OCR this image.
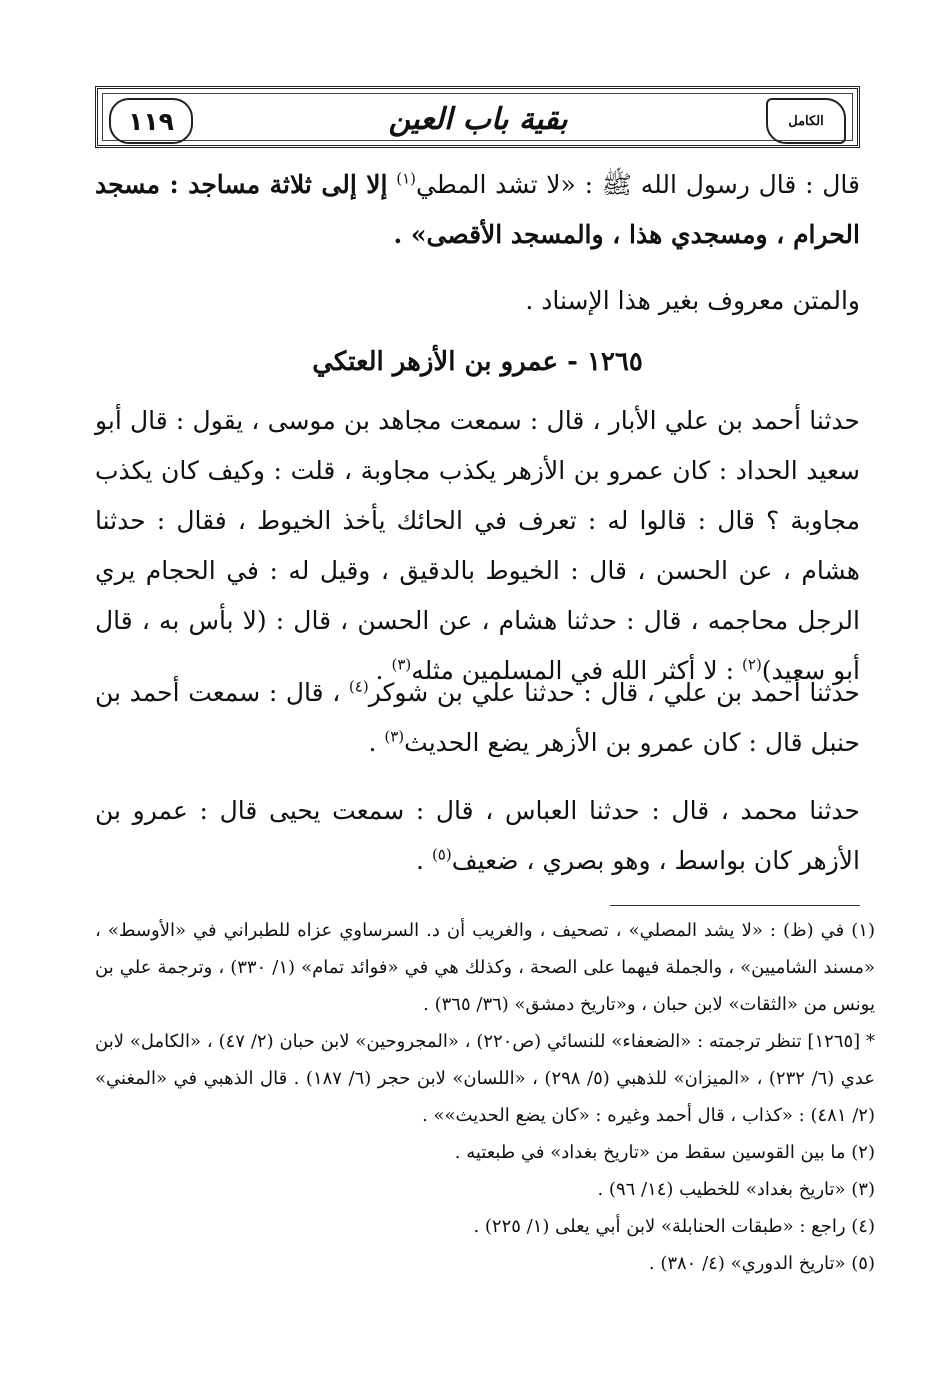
١١٩	بقية باب العين	الكامل
قال : قال رسول الله ﷺ : «لا تشد المطي$^{(١)}$ إلا إلى ثلاثة مساجد : مسجد الحرام ، ومسجدي هذا ، والمسجد الأقصى» .
والمتن معروف بغير هذا الإسناد .
١٢٦٥ - عمرو بن الأزهر العتكي
حدثنا أحمد بن علي الأبار ، قال : سمعت مجاهد بن موسى ، يقول : قال أبو سعيد الحداد : كان عمرو بن الأزهر يكذب مجاوبة ، قلت : وكيف كان يكذب مجاوبة ؟ قال : قالوا له : تعرف في الحائك يأخذ الخيوط ، فقال : حدثنا هشام ، عن الحسن ، قال : الخيوط بالدقيق ، وقيل له : في الحجام يري الرجل محاجمه ، قال : حدثنا هشام ، عن الحسن ، قال : (لا بأس به ، قال أبو سعيد)$^{(٢)}$ : لا أكثر الله في المسلمين مثله$^{(٣)}$ .
حدثنا أحمد بن علي ، قال : حدثنا علي بن شوكر$^{(٤)}$ ، قال : سمعت أحمد بن حنبل قال : كان عمرو بن الأزهر يضع الحديث$^{(٣)}$ .
حدثنا محمد ، قال : حدثنا العباس ، قال : سمعت يحيى قال : عمرو بن الأزهر كان بواسط ، وهو بصري ، ضعيف$^{(٥)}$ .

(١) في (ظ) : «لا يشد المصلي» ، تصحيف ، والغريب أن د. السرساوي عزاه للطبراني في «الأوسط» ، «مسند الشاميين» ، والجملة فيهما على الصحة ، وكذلك هي في «فوائد تمام» (١/ ٣٣٠) ، وترجمة علي بن يونس من «الثقات» لابن حبان ، و«تاريخ دمشق» (٣٦/ ٣٦٥) .

* [١٢٦٥] تنظر ترجمته : «الضعفاء» للنسائي (ص٢٢٠) ، «المجروحين» لابن حبان (٢/ ٤٧) ، «الكامل» لابن عدي (٦/ ٢٣٢) ، «الميزان» للذهبي (٥/ ٢٩٨) ، «اللسان» لابن حجر (٦/ ١٨٧) . قال الذهبي في «المغني» (٢/ ٤٨١) : «كذاب ، قال أحمد وغيره : «كان يضع الحديث»» .

(٢) ما بين القوسين سقط من «تاريخ بغداد» في طبعتيه .

(٣) «تاريخ بغداد» للخطيب (١٤/ ٩٦) .

(٤) راجع : «طبقات الحنابلة» لابن أبي يعلى (١/ ٢٢٥) .

(٥) «تاريخ الدوري» (٤/ ٣٨٠) .
